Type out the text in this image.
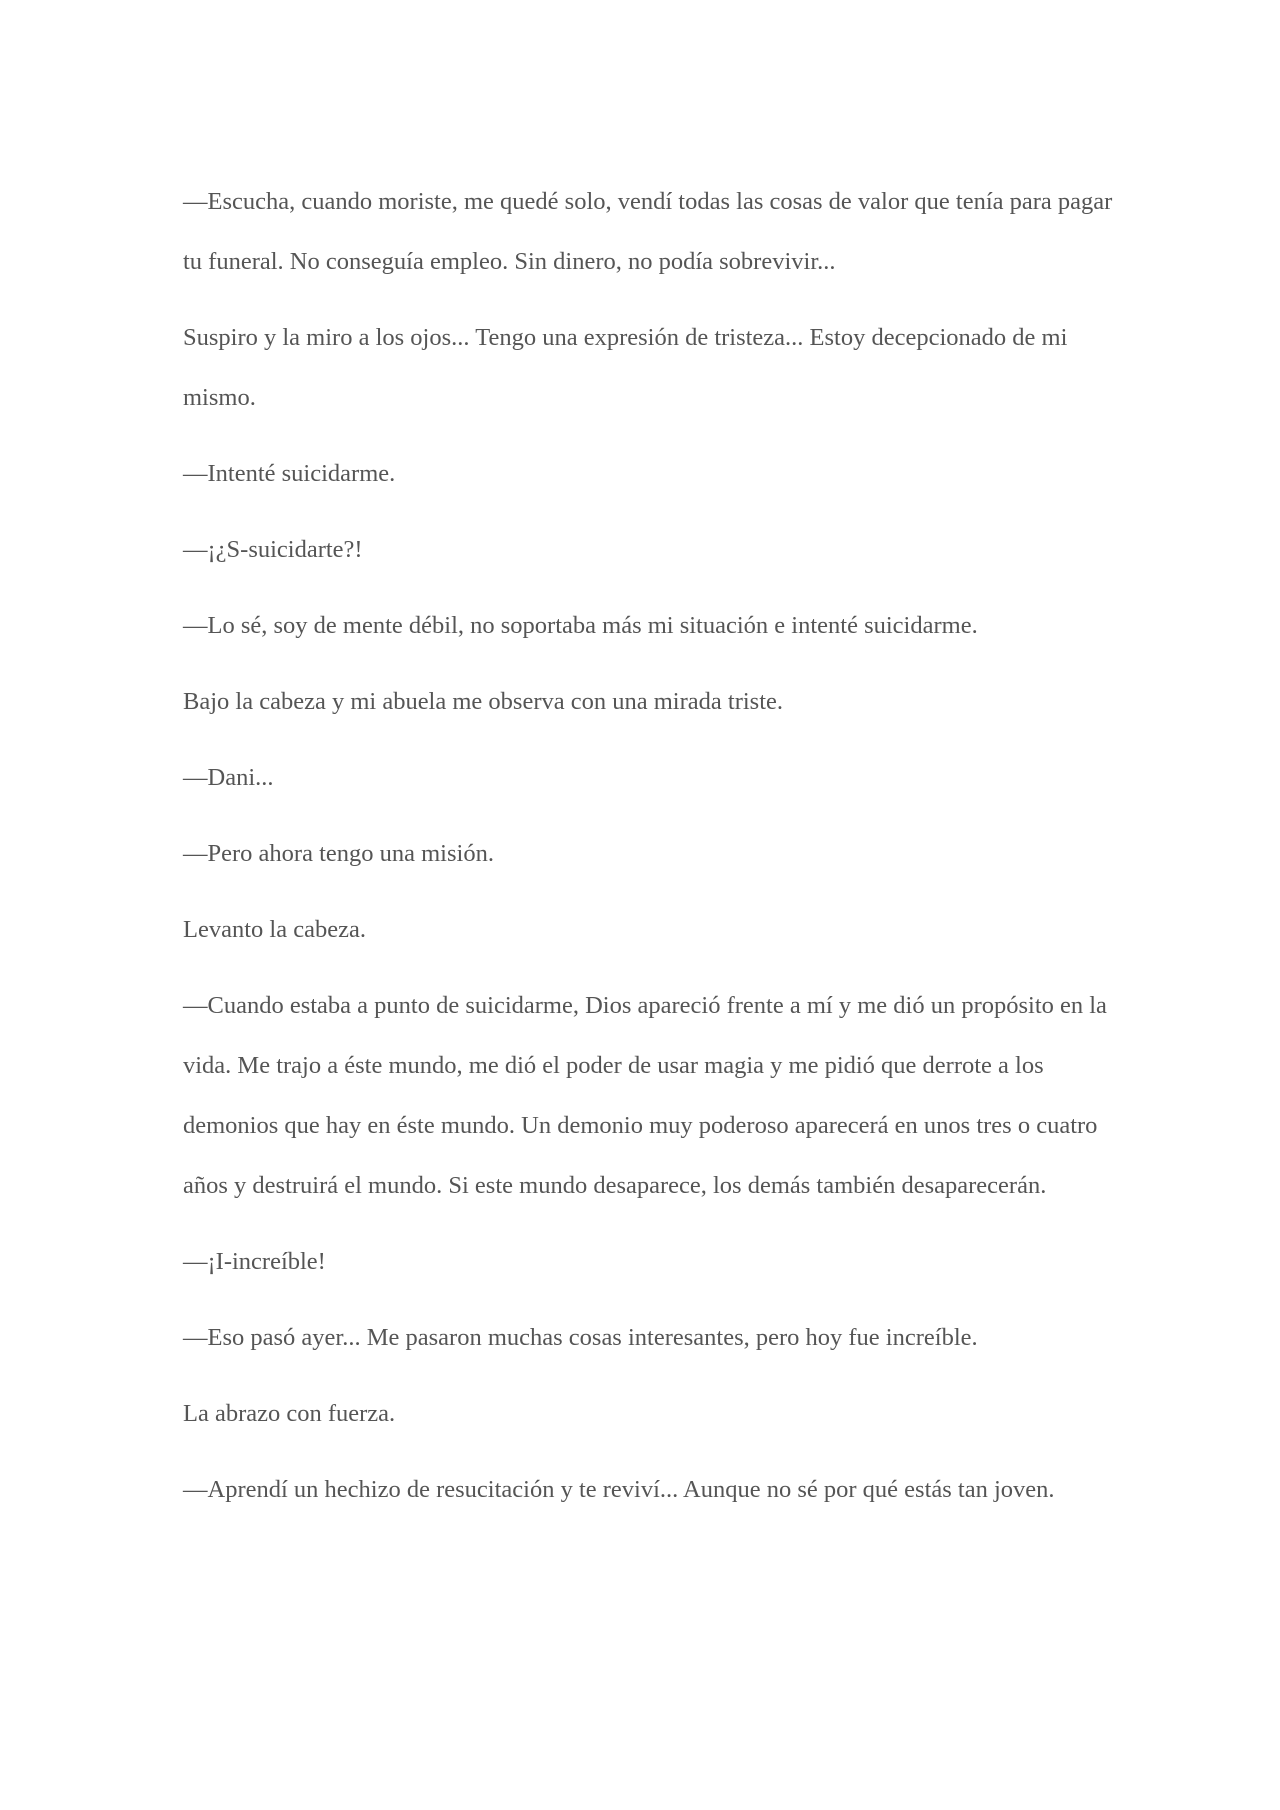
—Escucha, cuando moriste, me quedé solo, vendí todas las cosas de valor que tenía para pagar tu funeral. No conseguía empleo. Sin dinero, no podía sobrevivir...

Suspiro y la miro a los ojos... Tengo una expresión de tristeza... Estoy decepcionado de mi mismo.

—Intenté suicidarme.

—¡¿S-suicidarte?!

—Lo sé, soy de mente débil, no soportaba más mi situación e intenté suicidarme.

Bajo la cabeza y mi abuela me observa con una mirada triste.

—Dani...

—Pero ahora tengo una misión.

Levanto la cabeza.

—Cuando estaba a punto de suicidarme, Dios apareció frente a mí y me dió un propósito en la vida. Me trajo a éste mundo, me dió el poder de usar magia y me pidió que derrote a los demonios que hay en éste mundo. Un demonio muy poderoso aparecerá en unos tres o cuatro años y destruirá el mundo. Si este mundo desaparece, los demás también desaparecerán.

—¡I-increíble!

—Eso pasó ayer... Me pasaron muchas cosas interesantes, pero hoy fue increíble.

La abrazo con fuerza.

—Aprendí un hechizo de resucitación y te reviví... Aunque no sé por qué estás tan joven.
